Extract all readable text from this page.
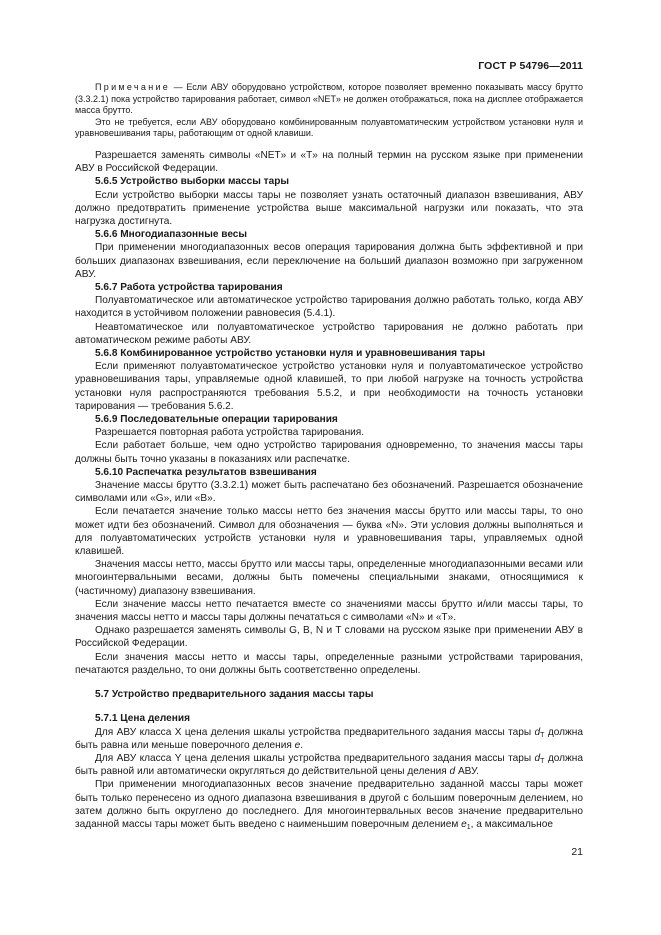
ГОСТ Р 54796—2011

Примечание — Если АВУ оборудовано устройством, которое позволяет временно показывать массу брутто (3.3.2.1) пока устройство тарирования работает, символ «NET» не должен отображаться, пока на дисплее отображается масса брутто.

Это не требуется, если АВУ оборудовано комбинированным полуавтоматическим устройством установки нуля и уравновешивания тары, работающим от одной клавиши.

Разрешается заменять символы «NET» и «T» на полный термин на русском языке при применении АВУ в Российской Федерации.

5.6.5 Устройство выборки массы тары

Если устройство выборки массы тары не позволяет узнать остаточный диапазон взвешивания, АВУ должно предотвратить применение устройства выше максимальной нагрузки или показать, что эта нагрузка достигнута.

5.6.6 Многодиапазонные весы

При применении многодиапазонных весов операция тарирования должна быть эффективной и при больших диапазонах взвешивания, если переключение на больший диапазон возможно при загруженном АВУ.

5.6.7 Работа устройства тарирования

Полуавтоматическое или автоматическое устройство тарирования должно работать только, когда АВУ находится в устойчивом положении равновесия (5.4.1).

Неавтоматическое или полуавтоматическое устройство тарирования не должно работать при автоматическом режиме работы АВУ.

5.6.8 Комбинированное устройство установки нуля и уравновешивания тары

Если применяют полуавтоматическое устройство установки нуля и полуавтоматическое устройство уравновешивания тары, управляемые одной клавишей, то при любой нагрузке на точность устройства установки нуля распространяются требования 5.5.2, и при необходимости на точность установки тарирования — требования 5.6.2.

5.6.9 Последовательные операции тарирования

Разрешается повторная работа устройства тарирования.

Если работает больше, чем одно устройство тарирования одновременно, то значения массы тары должны быть точно указаны в показаниях или распечатке.

5.6.10 Распечатка результатов взвешивания

Значение массы брутто (3.3.2.1) может быть распечатано без обозначений. Разрешается обозначение символами или «G», или «B».

Если печатается значение только массы нетто без значения массы брутто или массы тары, то оно может идти без обозначений. Символ для обозначения — буква «N». Эти условия должны выполняться и для полуавтоматических устройств установки нуля и уравновешивания тары, управляемых одной клавишей.

Значения массы нетто, массы брутто или массы тары, определенные многодиапазонными весами или многоинтервальными весами, должны быть помечены специальными знаками, относящимися к (частичному) диапазону взвешивания.

Если значение массы нетто печатается вместе со значениями массы брутто и/или массы тары, то значения массы нетто и массы тары должны печататься с символами «N» и «T».

Однако разрешается заменять символы G, B, N и T словами на русском языке при применении АВУ в Российской Федерации.

Если значения массы нетто и массы тары, определенные разными устройствами тарирования, печатаются раздельно, то они должны быть соответственно определены.

5.7 Устройство предварительного задания массы тары

5.7.1 Цена деления

Для АВУ класса X цена деления шкалы устройства предварительного задания массы тары $d_T$ должна быть равна или меньше поверочного деления e.

Для АВУ класса Y цена деления шкалы устройства предварительного задания массы тары $d_T$ должна быть равной или автоматически округляться до действительной цены деления d АВУ.

При применении многодиапазонных весов значение предварительно заданной массы тары может быть только перенесено из одного диапазона взвешивания в другой с большим поверочным делением, но затем должно быть округлено до последнего. Для многоинтервальных весов значение предварительно заданной массы тары может быть введено с наименьшим поверочным делением $e_1$, а максимальное

21
